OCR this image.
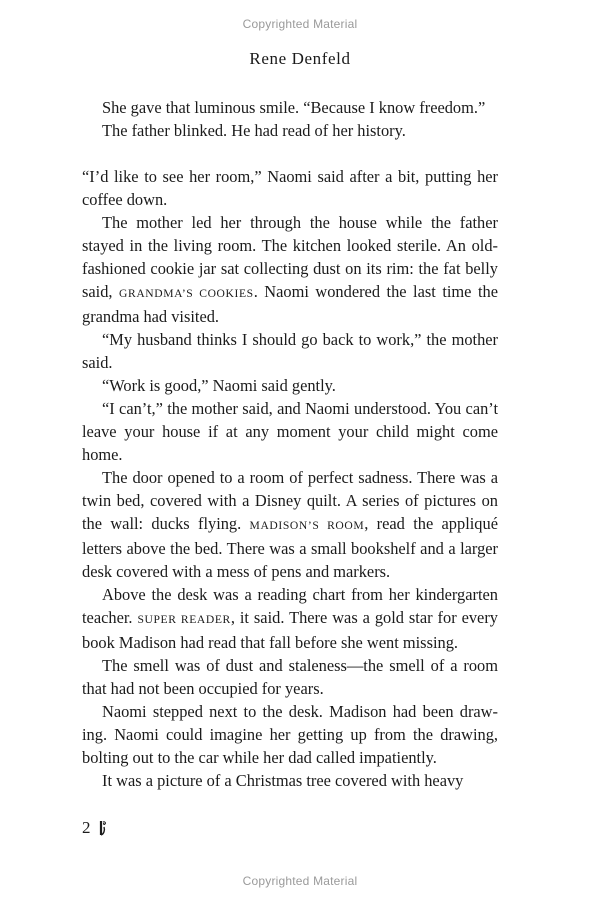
Copyrighted Material
Rene Denfeld

She gave that luminous smile. “Because I know freedom.”

The father blinked. He had read of her history.

“I’d like to see her room,” Naomi said after a bit, putting her coffee down.

The mother led her through the house while the father stayed in the living room. The kitchen looked sterile. An old-fashioned cookie jar sat collecting dust on its rim: the fat belly said, GRANDMA’S COOKIES. Naomi wondered the last time the grandma had visited.

“My husband thinks I should go back to work,” the mother said.

“Work is good,” Naomi said gently.

“I can’t,” the mother said, and Naomi understood. You can’t leave your house if at any moment your child might come home.

The door opened to a room of perfect sadness. There was a twin bed, covered with a Disney quilt. A series of pictures on the wall: ducks flying. MADISON’S ROOM, read the appliqué letters above the bed. There was a small bookshelf and a larger desk covered with a mess of pens and markers.

Above the desk was a reading chart from her kindergarten teacher. SUPER READER, it said. There was a gold star for every book Madison had read that fall before she went missing.

The smell was of dust and staleness—the smell of a room that had not been occupied for years.

Naomi stepped next to the desk. Madison had been drawing. Naomi could imagine her getting up from the drawing, bolting out to the car while her dad called impatiently.

It was a picture of a Christmas tree covered with heavy

2
Copyrighted Material
